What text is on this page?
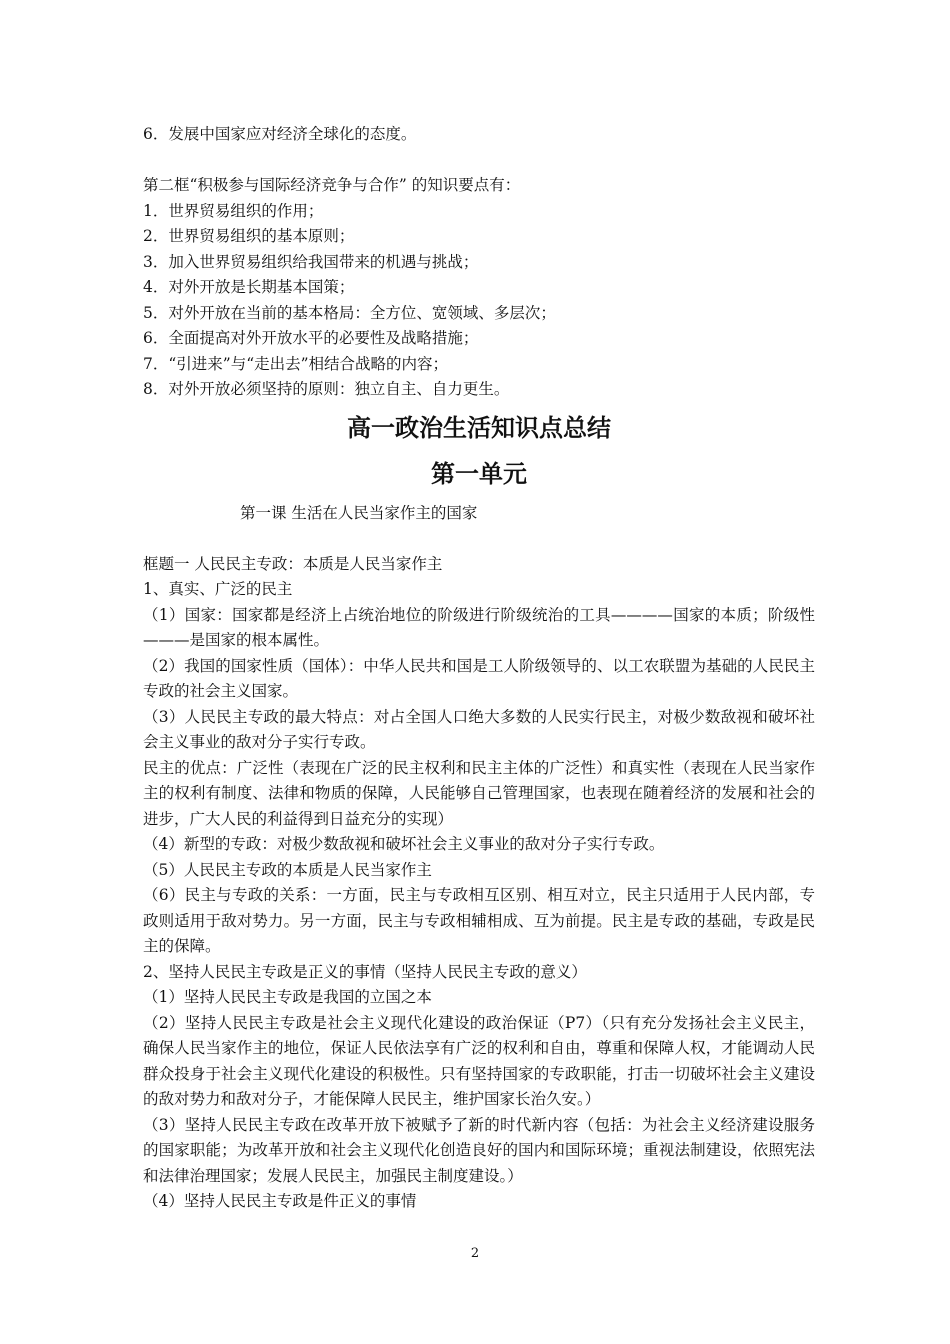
6．发展中国家应对经济全球化的态度。

第二框“积极参与国际经济竞争与合作” 的知识要点有：

1．世界贸易组织的作用；

2．世界贸易组织的基本原则；

3．加入世界贸易组织给我国带来的机遇与挑战；

4．对外开放是长期基本国策；

5．对外开放在当前的基本格局：全方位、宽领域、多层次；

6．全面提高对外开放水平的必要性及战略措施；

7．“引进来”与“走出去”相结合战略的内容；

8．对外开放必须坚持的原则：独立自主、自力更生。

高一政治生活知识点总结
第一单元

第一课 生活在人民当家作主的国家

框题一 人民民主专政：本质是人民当家作主

1、真实、广泛的民主

（1）国家：国家都是经济上占统治地位的阶级进行阶级统治的工具————国家的本质；阶级性———是国家的根本属性。

（2）我国的国家性质（国体）：中华人民共和国是工人阶级领导的、以工农联盟为基础的人民民主专政的社会主义国家。

（3）人民民主专政的最大特点：对占全国人口绝大多数的人民实行民主，对极少数敌视和破坏社会主义事业的敌对分子实行专政。

民主的优点：广泛性（表现在广泛的民主权利和民主主体的广泛性）和真实性（表现在人民当家作主的权利有制度、法律和物质的保障，人民能够自己管理国家，也表现在随着经济的发展和社会的进步，广大人民的利益得到日益充分的实现）

（4）新型的专政：对极少数敌视和破坏社会主义事业的敌对分子实行专政。

（5）人民民主专政的本质是人民当家作主

（6）民主与专政的关系：一方面，民主与专政相互区别、相互对立，民主只适用于人民内部，专政则适用于敌对势力。另一方面，民主与专政相辅相成、互为前提。民主是专政的基础，专政是民主的保障。

2、坚持人民民主专政是正义的事情（坚持人民民主专政的意义）

（1）坚持人民民主专政是我国的立国之本

（2）坚持人民民主专政是社会主义现代化建设的政治保证（P7）（只有充分发扬社会主义民主，确保人民当家作主的地位，保证人民依法享有广泛的权利和自由，尊重和保障人权，才能调动人民群众投身于社会主义现代化建设的积极性。只有坚持国家的专政职能，打击一切破坏社会主义建设的敌对势力和敌对分子，才能保障人民民主，维护国家长治久安。）

（3）坚持人民民主专政在改革开放下被赋予了新的时代新内容（包括：为社会主义经济建设服务的国家职能；为改革开放和社会主义现代化创造良好的国内和国际环境；重视法制建设，依照宪法和法律治理国家；发展人民民主，加强民主制度建设。）

（4）坚持人民民主专政是件正义的事情

2
